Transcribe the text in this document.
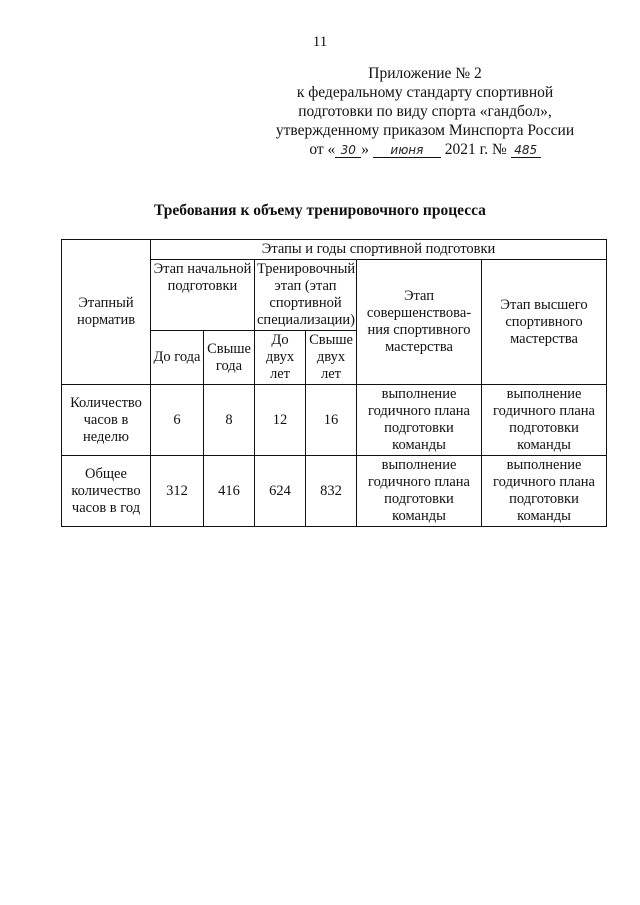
11
Приложение № 2
к федеральному стандарту спортивной
подготовки по виду спорта «гандбол»,
утвержденному приказом Минспорта России
от « 30 » июня 2021 г. № 485
Требования к объему тренировочного процесса
Этапный норматив	Этапы и годы спортивной подготовки					
	Этап начальной подготовки		Тренировочный этап (этап спортивной специализации)		Этап совершенствова-ния спортивного мастерства	Этап высшего спортивного мастерства
	До года	Свыше года	До двух лет	Свыше двух лет		
Количество часов в неделю	6	8	12	16	выполнение годичного плана подготовки команды	выполнение годичного плана подготовки команды
Общее количество часов в год	312	416	624	832	выполнение годичного плана подготовки команды	выполнение годичного плана подготовки команды
